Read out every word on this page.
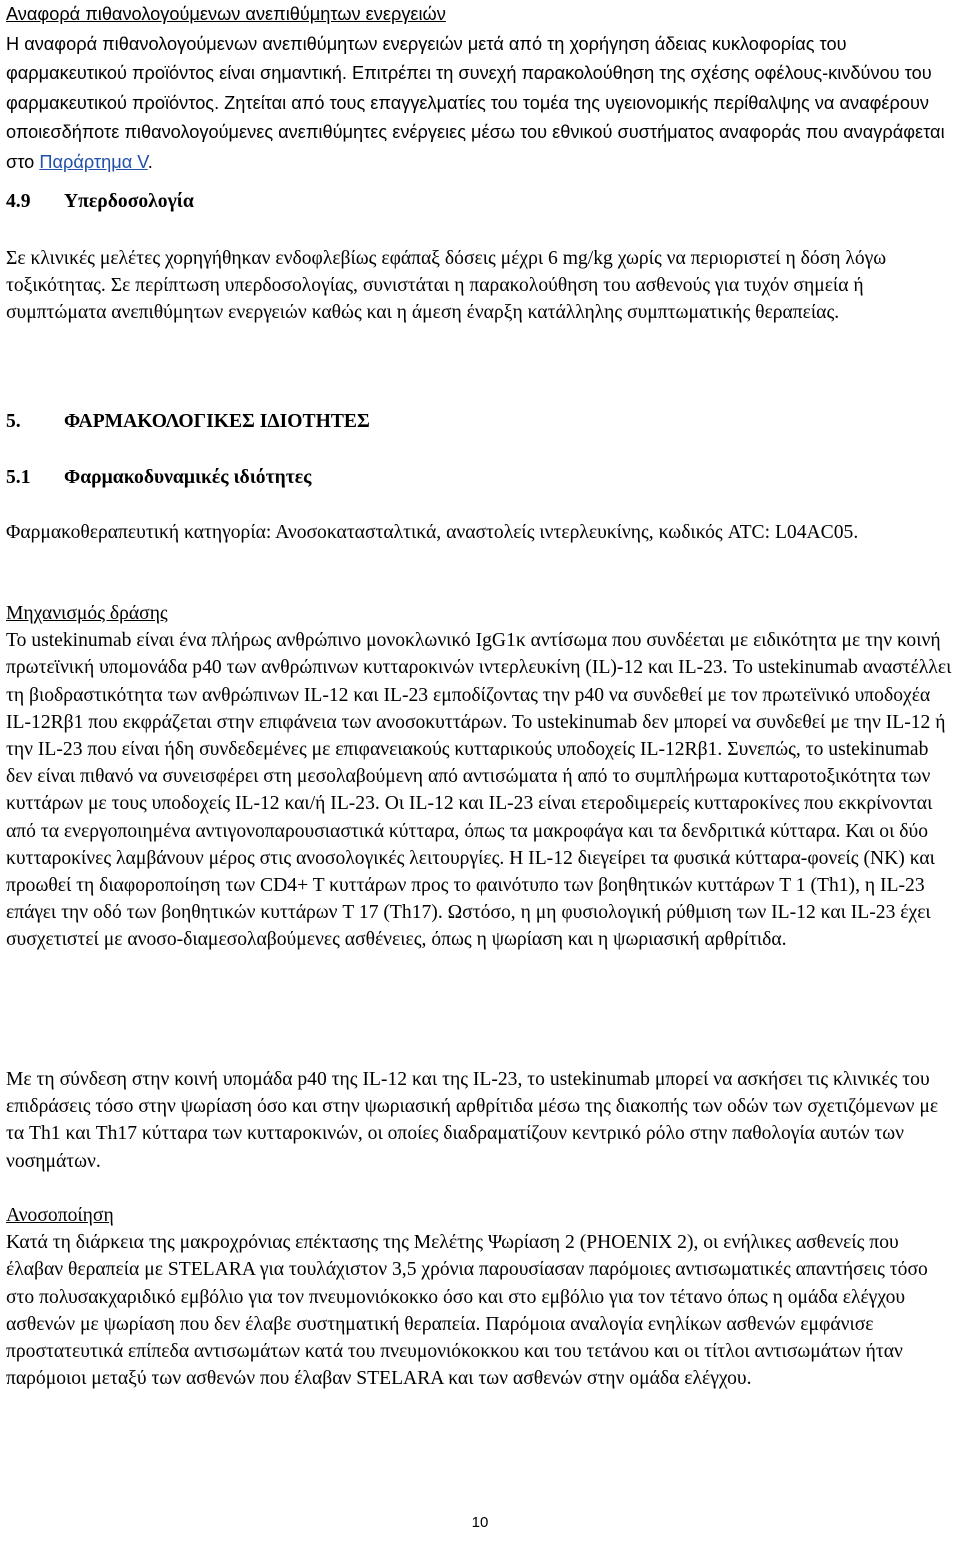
Αναφορά πιθανολογούμενων ανεπιθύμητων ενεργειών

Η αναφορά πιθανολογούμενων ανεπιθύμητων ενεργειών μετά από τη χορήγηση άδειας κυκλοφορίας του φαρμακευτικού προϊόντος είναι σημαντική. Επιτρέπει τη συνεχή παρακολούθηση της σχέσης οφέλους-κινδύνου του φαρμακευτικού προϊόντος. Ζητείται από τους επαγγελματίες του τομέα της υγειονομικής περίθαλψης να αναφέρουν οποιεσδήποτε πιθανολογούμενες ανεπιθύμητες ενέργειες μέσω του εθνικού συστήματος αναφοράς που αναγράφεται στο Παράρτημα V.

4.9 Υπερδοσολογία
Σε κλινικές μελέτες χορηγήθηκαν ενδοφλεβίως εφάπαξ δόσεις μέχρι 6 mg/kg χωρίς να περιοριστεί η δόση λόγω τοξικότητας. Σε περίπτωση υπερδοσολογίας, συνιστάται η παρακολούθηση του ασθενούς για τυχόν σημεία ή συμπτώματα ανεπιθύμητων ενεργειών καθώς και η άμεση έναρξη κατάλληλης συμπτωματικής θεραπείας.
5. ΦΑΡΜΑΚΟΛΟΓΙΚΕΣ ΙΔΙΟΤΗΤΕΣ
5.1 Φαρμακοδυναμικές ιδιότητες
Φαρμακοθεραπευτική κατηγορία: Ανοσοκατασταλτικά, αναστολείς ιντερλευκίνης, κωδικός ATC: L04AC05.

Μηχανισμός δράσης

Το ustekinumab είναι ένα πλήρως ανθρώπινο μονοκλωνικό IgG1κ αντίσωμα που συνδέεται με ειδικότητα με την κοινή πρωτεϊνική υπομονάδα p40 των ανθρώπινων κυτταροκινών ιντερλευκίνη (IL)-12 και IL-23. Το ustekinumab αναστέλλει τη βιοδραστικότητα των ανθρώπινων IL-12 και IL-23 εμποδίζοντας την p40 να συνδεθεί με τον πρωτεϊνικό υποδοχέα IL-12Rβ1 που εκφράζεται στην επιφάνεια των ανοσοκυττάρων. Το ustekinumab δεν μπορεί να συνδεθεί με την IL-12 ή την IL-23 που είναι ήδη συνδεδεμένες με επιφανειακούς κυτταρικούς υποδοχείς IL-12Rβ1. Συνεπώς, το ustekinumab δεν είναι πιθανό να συνεισφέρει στη μεσολαβούμενη από αντισώματα ή από το συμπλήρωμα κυτταροτοξικότητα των κυττάρων με τους υποδοχείς IL-12 και/ή IL-23. Οι IL-12 και IL-23 είναι ετεροδιμερείς κυτταροκίνες που εκκρίνονται από τα ενεργοποιημένα αντιγονοπαρουσιαστικά κύτταρα, όπως τα μακροφάγα και τα δενδριτικά κύτταρα. Και οι δύο κυτταροκίνες λαμβάνουν μέρος στις ανοσολογικές λειτουργίες. Η IL-12 διεγείρει τα φυσικά κύτταρα-φονείς (NK) και προωθεί τη διαφοροποίηση των CD4+ T κυττάρων προς το φαινότυπο των βοηθητικών κυττάρων T 1 (Th1), η IL-23 επάγει την οδό των βοηθητικών κυττάρων T 17 (Th17). Ωστόσο, η μη φυσιολογική ρύθμιση των IL-12 και IL-23 έχει συσχετιστεί με ανοσο-διαμεσολαβούμενες ασθένειες, όπως η ψωρίαση και η ψωριασική αρθρίτιδα.

Με τη σύνδεση στην κοινή υπομάδα p40 της IL-12 και της IL-23, το ustekinumab μπορεί να ασκήσει τις κλινικές του επιδράσεις τόσο στην ψωρίαση όσο και στην ψωριασική αρθρίτιδα μέσω της διακοπής των οδών των σχετιζόμενων με τα Th1 και Th17 κύτταρα των κυτταροκινών, οι οποίες διαδραματίζουν κεντρικό ρόλο στην παθολογία αυτών των νοσημάτων.

Ανοσοποίηση

Κατά τη διάρκεια της μακροχρόνιας επέκτασης της Μελέτης Ψωρίαση 2 (PHOENIX 2), οι ενήλικες ασθενείς που έλαβαν θεραπεία με STELARA για τουλάχιστον 3,5 χρόνια παρουσίασαν παρόμοιες αντισωματικές απαντήσεις τόσο στο πολυσακχαριδικό εμβόλιο για τον πνευμονιόκοκκο όσο και στο εμβόλιο για τον τέτανο όπως η ομάδα ελέγχου ασθενών με ψωρίαση που δεν έλαβε συστηματική θεραπεία. Παρόμοια αναλογία ενηλίκων ασθενών εμφάνισε προστατευτικά επίπεδα αντισωμάτων κατά του πνευμονιόκοκκου και του τετάνου και οι τίτλοι αντισωμάτων ήταν παρόμοιοι μεταξύ των ασθενών που έλαβαν STELARA και των ασθενών στην ομάδα ελέγχου.

10
